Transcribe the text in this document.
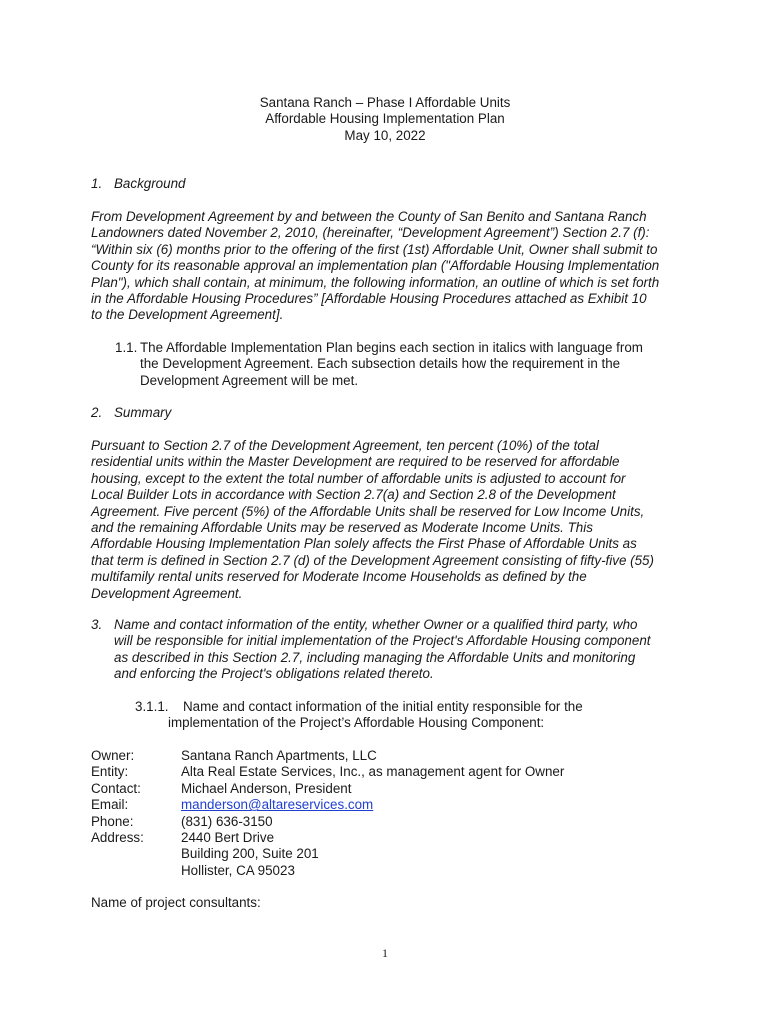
Santana Ranch – Phase I Affordable Units
Affordable Housing Implementation Plan
May 10, 2022
1. Background
From Development Agreement by and between the County of San Benito and Santana Ranch
Landowners dated November 2, 2010, (hereinafter, “Development Agreement”) Section 2.7 (f):
“Within six (6) months prior to the offering of the first (1st) Affordable Unit, Owner shall submit to
County for its reasonable approval an implementation plan ("Affordable Housing Implementation
Plan"), which shall contain, at minimum, the following information, an outline of which is set forth
in the Affordable Housing Procedures” [Affordable Housing Procedures attached as Exhibit 10
to the Development Agreement].
1.1. The Affordable Implementation Plan begins each section in italics with language from
the Development Agreement. Each subsection details how the requirement in the
Development Agreement will be met.
2. Summary
Pursuant to Section 2.7 of the Development Agreement, ten percent (10%) of the total
residential units within the Master Development are required to be reserved for affordable
housing, except to the extent the total number of affordable units is adjusted to account for
Local Builder Lots in accordance with Section 2.7(a) and Section 2.8 of the Development
Agreement. Five percent (5%) of the Affordable Units shall be reserved for Low Income Units,
and the remaining Affordable Units may be reserved as Moderate Income Units. This
Affordable Housing Implementation Plan solely affects the First Phase of Affordable Units as
that term is defined in Section 2.7 (d) of the Development Agreement consisting of fifty-five (55)
multifamily rental units reserved for Moderate Income Households as defined by the
Development Agreement.
3. Name and contact information of the entity, whether Owner or a qualified third party, who
will be responsible for initial implementation of the Project's Affordable Housing component
as described in this Section 2.7, including managing the Affordable Units and monitoring
and enforcing the Project's obligations related thereto.
3.1.1. Name and contact information of the initial entity responsible for the
implementation of the Project’s Affordable Housing Component:
Owner:	Santana Ranch Apartments, LLC
Entity:	Alta Real Estate Services, Inc., as management agent for Owner
Contact:	Michael Anderson, President
Email:	manderson@altareservices.com
Phone:	(831) 636-3150
Address:	2440 Bert Drive
Building 200, Suite 201
Hollister, CA 95023
Name of project consultants:
1
